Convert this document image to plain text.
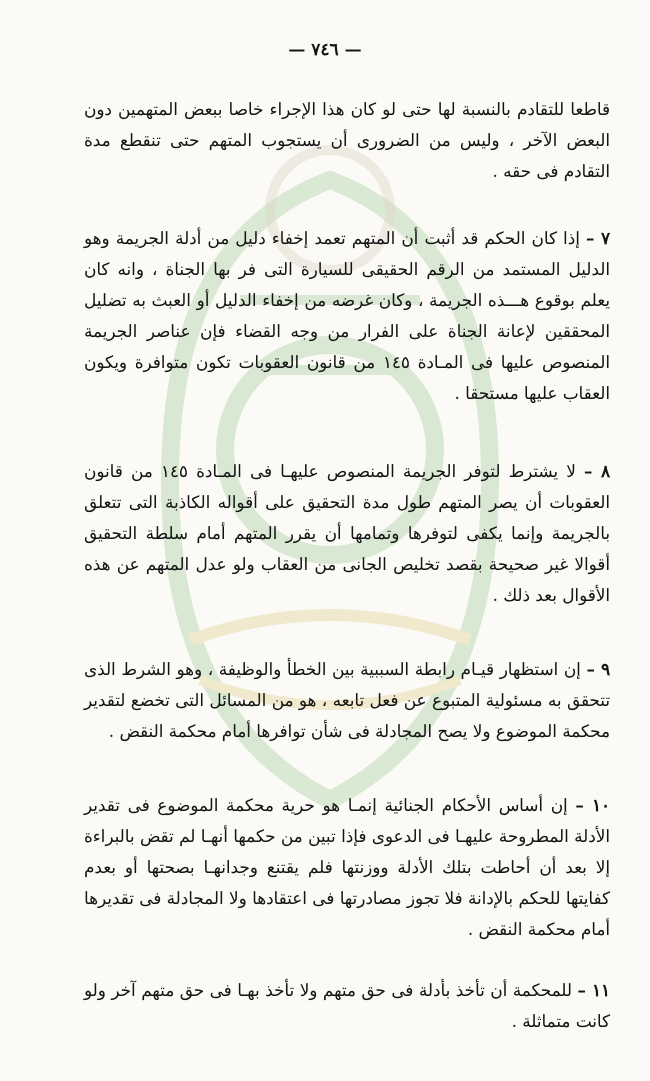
— ٧٤٦ —

قاطعا للتقادم بالنسبة لها حتى لو كان هذا الإجراء خاصا ببعض المتهمين دون البعض الآخر ، وليس من الضرورى أن يستجوب المتهم حتى تنقطع مدة التقادم فى حقه .

٧ – إذا كان الحكم قد أثبت أن المتهم تعمد إخفاء دليل من أدلة الجريمة وهو الدليل المستمد من الرقم الحقيقى للسيارة التى فر بها الجناة ، وانه كان يعلم بوقوع هـــذه الجريمة ، وكان غرضه من إخفاء الدليل أو العبث به تضليل المحققين لإعانة الجناة على الفرار من وجه القضاء فإن عناصر الجريمة المنصوص عليها فى المـادة ١٤٥ من قانون العقوبات تكون متوافرة ويكون العقاب عليها مستحقا .

٨ – لا يشترط لتوفر الجريمة المنصوص عليهـا فى المـادة ١٤٥ من قانون العقوبات أن يصر المتهم طول مدة التحقيق على أقواله الكاذبة التى تتعلق بالجريمة وإنما يكفى لتوفرها وتمامها أن يقرر المتهم أمام سلطة التحقيق أقوالا غير صحيحة بقصد تخليص الجانى من العقاب ولو عدل المتهم عن هذه الأقوال بعد ذلك .

٩ – إن استظهار قيـام رابطة السببية بين الخطأ والوظيفة ، وهو الشرط الذى تتحقق به مسئولية المتبوع عن فعل تابعه ، هو من المسائل التى تخضع لتقدير محكمة الموضوع ولا يصح المجادلة فى شأن توافرها أمام محكمة النقض .

١٠ – إن أساس الأحكام الجنائية إنمـا هو حرية محكمة الموضوع فى تقدير الأدلة المطروحة عليهـا فى الدعوى فإذا تبين من حكمها أنهـا لم تقض بالبراءة إلا بعد أن أحاطت بتلك الأدلة ووزنتها فلم يقتنع وجدانهـا بصحتها أو بعدم كفايتها للحكم بالإدانة فلا تجوز مصادرتها فى اعتقادها ولا المجادلة فى تقديرها أمام محكمة النقض .

١١ – للمحكمة أن تأخذ بأدلة فى حق متهم ولا تأخذ بهـا فى حق متهم آخر ولو كانت متماثلة .
